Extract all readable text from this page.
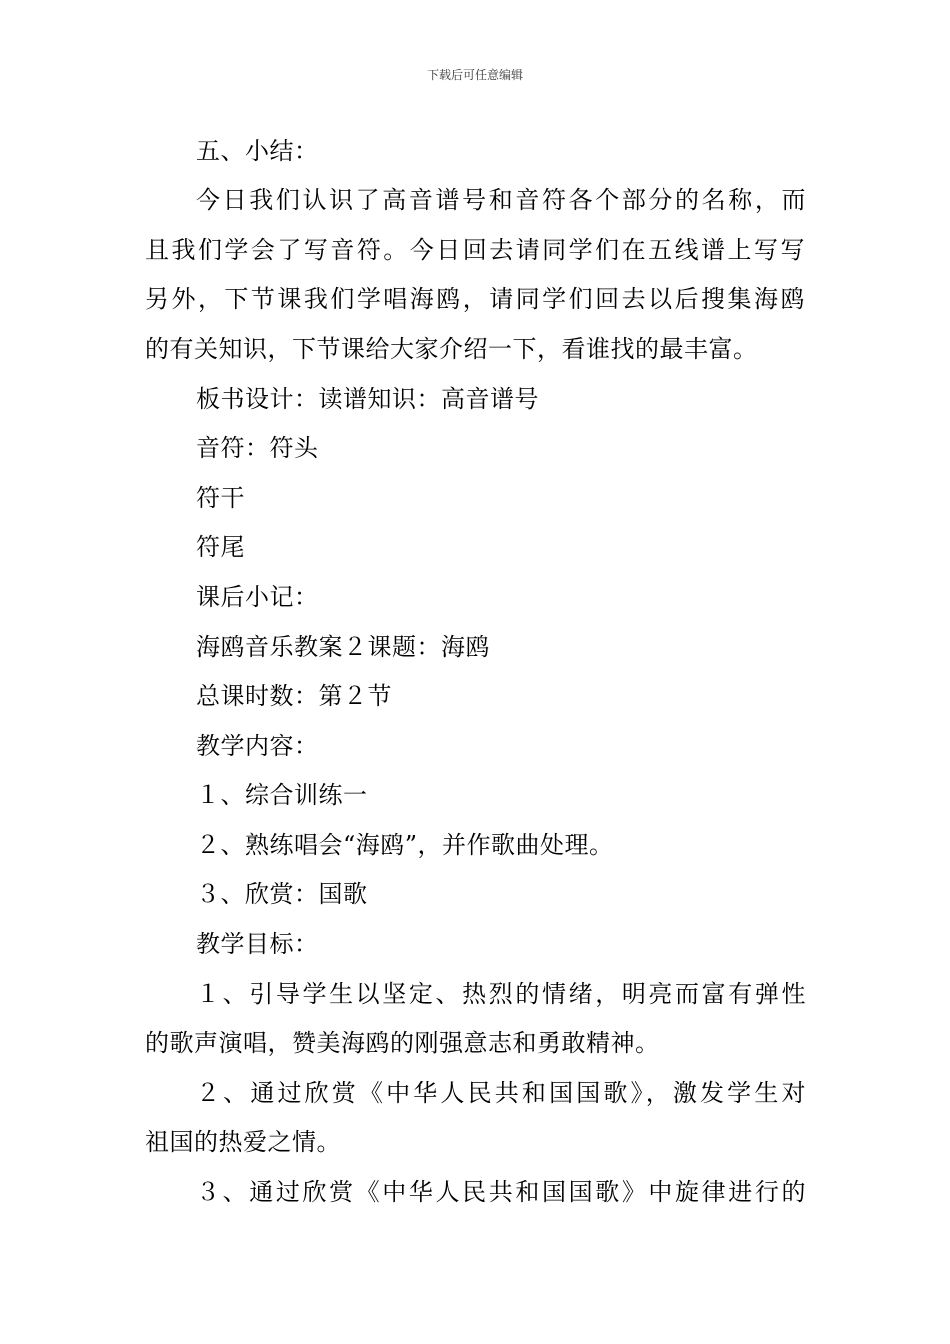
下载后可任意编辑
五、小结：
今日我们认识了高音谱号和音符各个部分的名称，而
且我们学会了写音符。今日回去请同学们在五线谱上写写
另外，下节课我们学唱海鸥，请同学们回去以后搜集海鸥
的有关知识，下节课给大家介绍一下，看谁找的最丰富。
板书设计：读谱知识：高音谱号
音符：符头
符干
符尾
课后小记：
海鸥音乐教案２课题：海鸥
总课时数：第２节
教学内容：
１、综合训练一
２、熟练唱会“海鸥”，并作歌曲处理。
３、欣赏：国歌
教学目标：
１、引导学生以坚定、热烈的情绪，明亮而富有弹性
的歌声演唱，赞美海鸥的刚强意志和勇敢精神。
２、通过欣赏《中华人民共和国国歌》，激发学生对
祖国的热爱之情。
３、通过欣赏《中华人民共和国国歌》中旋律进行的
